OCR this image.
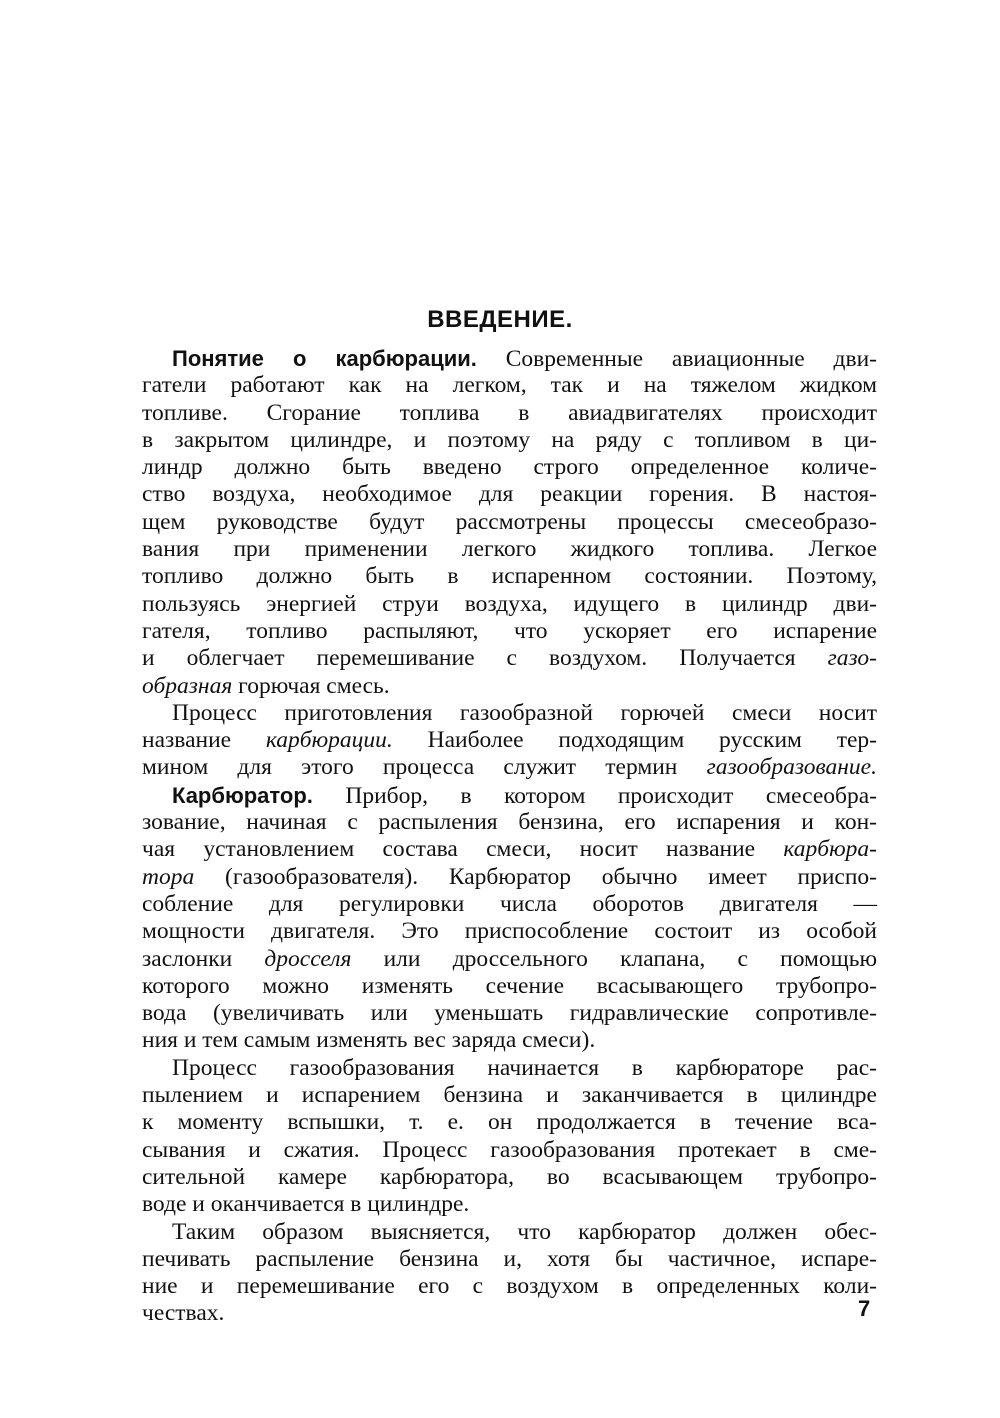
ВВЕДЕНИЕ.
Понятие о карбюрации. Современные авиационные дви-
гатели работают как на легком, так и на тяжелом жидком
топливе. Сгорание топлива в авиадвигателях происходит
в закрытом цилиндре, и поэтому на ряду с топливом в ци-
линдр должно быть введено строго определенное количе-
ство воздуха, необходимое для реакции горения. В настоя-
щем руководстве будут рассмотрены процессы смесеобразо-
вания при применении легкого жидкого топлива. Легкое
топливо должно быть в испаренном состоянии. Поэтому,
пользуясь энергией струи воздуха, идущего в цилиндр дви-
гателя, топливо распыляют, что ускоряет его испарение
и облегчает перемешивание с воздухом. Получается газо-
образная горючая смесь.
Процесс приготовления газообразной горючей смеси носит
название карбюрации. Наиболее подходящим русским тер-
мином для этого процесса служит термин газообразование.
Карбюратор. Прибор, в котором происходит смесеобра-
зование, начиная с распыления бензина, его испарения и кон-
чая установлением состава смеси, носит название карбюра-
тора (газообразователя). Карбюратор обычно имеет приспо-
собление для регулировки числа оборотов двигателя —
мощности двигателя. Это приспособление состоит из особой
заслонки дросселя или дроссельного клапана, с помощью
которого можно изменять сечение всасывающего трубопро-
вода (увеличивать или уменьшать гидравлические сопротивле-
ния и тем самым изменять вес заряда смеси).
Процесс газообразования начинается в карбюраторе рас-
пылением и испарением бензина и заканчивается в цилиндре
к моменту вспышки, т. е. он продолжается в течение вса-
сывания и сжатия. Процесс газообразования протекает в сме-
сительной камере карбюратора, во всасывающем трубопро-
воде и оканчивается в цилиндре.
Таким образом выясняется, что карбюратор должен обес-
печивать распыление бензина и, хотя бы частичное, испаре-
ние и перемешивание его с воздухом в определенных коли-
чествах.	7
